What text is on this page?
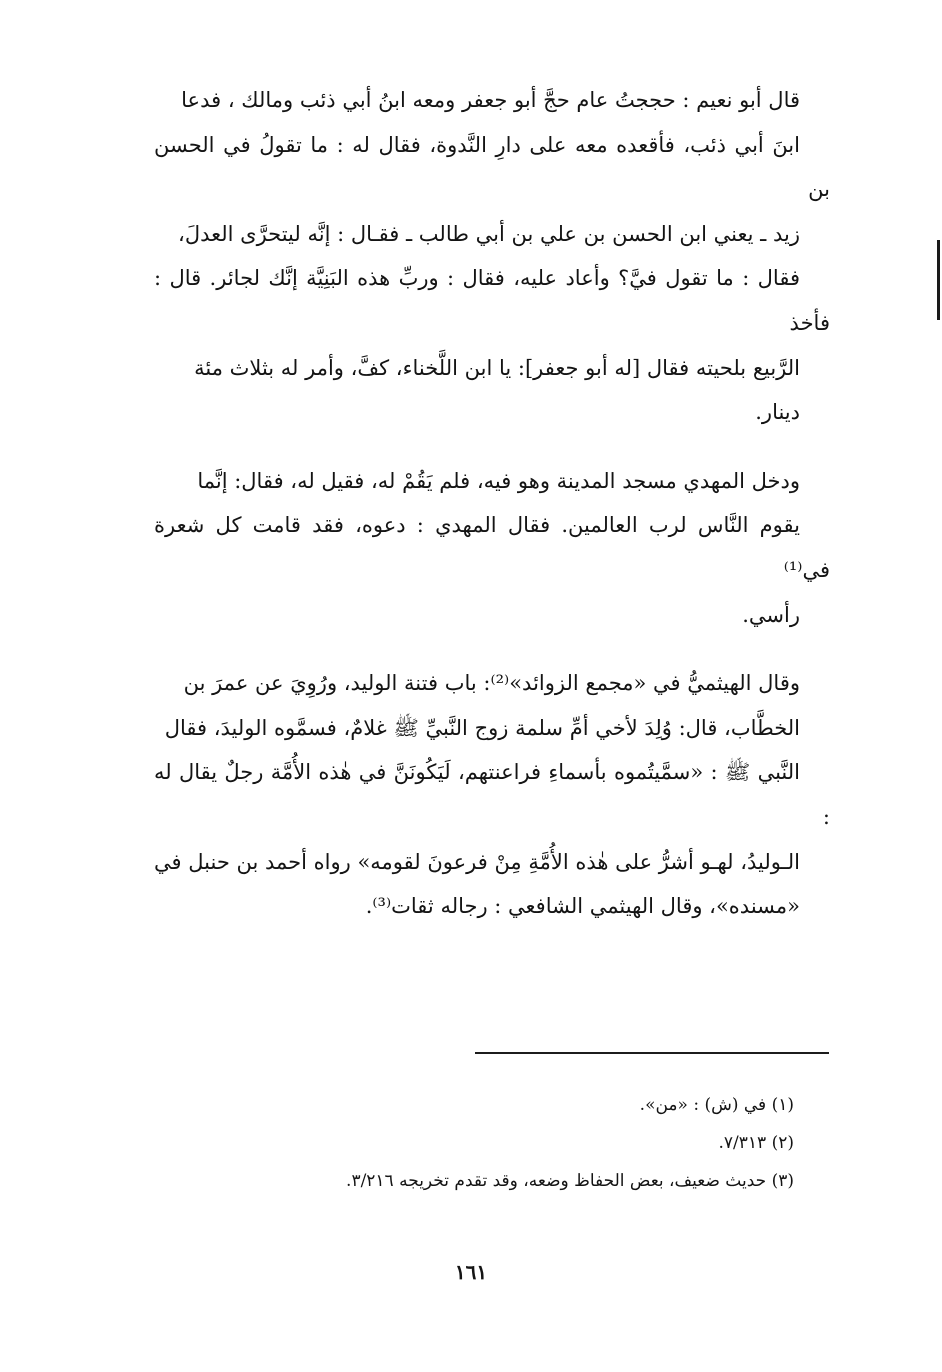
قال أبو نعيم : حججتُ عام حجَّ أبو جعفر ومعه ابنُ أبي ذئب ومالك ، فدعا

ابنَ أبي ذئب، فأقعده معه على دارِ النَّدوة، فقال له : ما تقولُ في الحسن بن

زيد ـ يعني ابن الحسن بن علي بن أبي طالب ـ فقـال : إنَّه ليتحرَّى العدلَ،

فقال : ما تقول فيَّ؟ وأعاد عليه، فقال : وربِّ هذه البَنِيَّة إنَّك لجائر. قال : فأخذ

الرَّبيع بلحيته فقال [له أبو جعفر]: يا ابن اللَّخناء، كفَّ، وأمر له بثلاث مئة

دينار.

ودخل المهدي مسجد المدينة وهو فيه، فلم يَقُمْ له، فقيل له، فقال: إنَّما

يقوم النَّاس لرب العالمين. فقال المهدي : دعوه، فقد قامت كل شعرة في⁽¹⁾

رأسي.

وقال الهيثميُّ في «مجمع الزوائد»⁽²⁾: باب فتنة الوليد، ورُوِيَ عن عمرَ بن

الخطَّاب، قال: وُلِدَ لأخي أمِّ سلمة زوج النَّبيِّ ﷺ غلامٌ، فسمَّوه الوليدَ، فقال

النَّبي ﷺ : «سمَّيتُموه بأسماءِ فراعنتهم، لَيَكُونَنَّ في هٰذه الأُمَّة رجلٌ يقال له :

الـوليدُ، لهـو أشرُّ على هٰذه الأُمَّةِ مِنْ فرعونَ لقومه» رواه أحمد بن حنبل في

«مسنده»، وقال الهيثمي الشافعي : رجاله ثقات⁽³⁾.

(١) في (ش) : «من».

(٢) ٧/٣١٣.

(٣) حديث ضعيف، بعض الحفاظ وضعه، وقد تقدم تخريجه ٣/٢١٦.

١٦١
